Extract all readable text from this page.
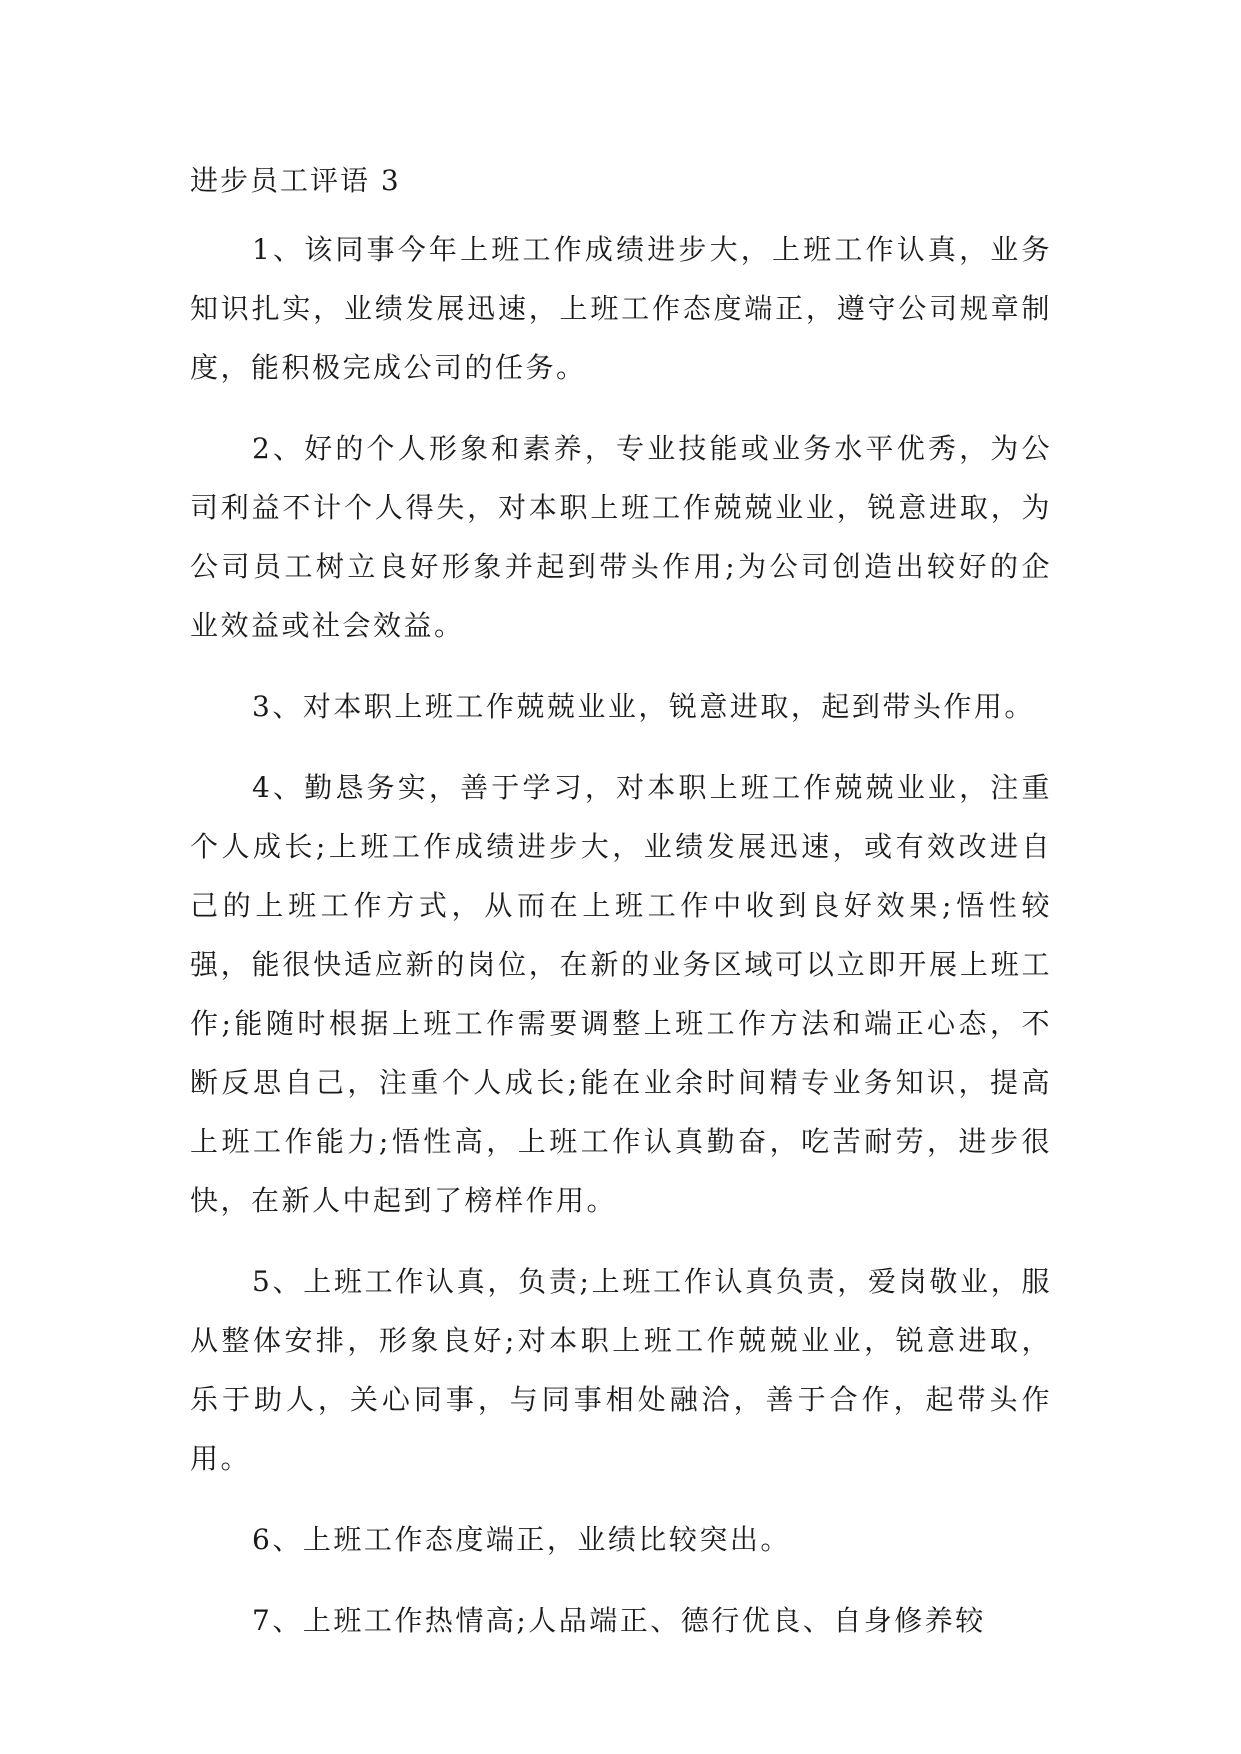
进步员工评语 3

1、该同事今年上班工作成绩进步大，上班工作认真，业务知识扎实，业绩发展迅速，上班工作态度端正，遵守公司规章制度，能积极完成公司的任务。

2、好的个人形象和素养，专业技能或业务水平优秀，为公司利益不计个人得失，对本职上班工作兢兢业业，锐意进取，为公司员工树立良好形象并起到带头作用;为公司创造出较好的企业效益或社会效益。

3、对本职上班工作兢兢业业，锐意进取，起到带头作用。

4、勤恳务实，善于学习，对本职上班工作兢兢业业，注重个人成长;上班工作成绩进步大，业绩发展迅速，或有效改进自己的上班工作方式，从而在上班工作中收到良好效果;悟性较强，能很快适应新的岗位，在新的业务区域可以立即开展上班工作;能随时根据上班工作需要调整上班工作方法和端正心态，不断反思自己，注重个人成长;能在业余时间精专业务知识，提高上班工作能力;悟性高，上班工作认真勤奋，吃苦耐劳，进步很快，在新人中起到了榜样作用。

5、上班工作认真，负责;上班工作认真负责，爱岗敬业，服从整体安排，形象良好;对本职上班工作兢兢业业，锐意进取，乐于助人，关心同事，与同事相处融洽，善于合作，起带头作用。

6、上班工作态度端正，业绩比较突出。

7、上班工作热情高;人品端正、德行优良、自身修养较
